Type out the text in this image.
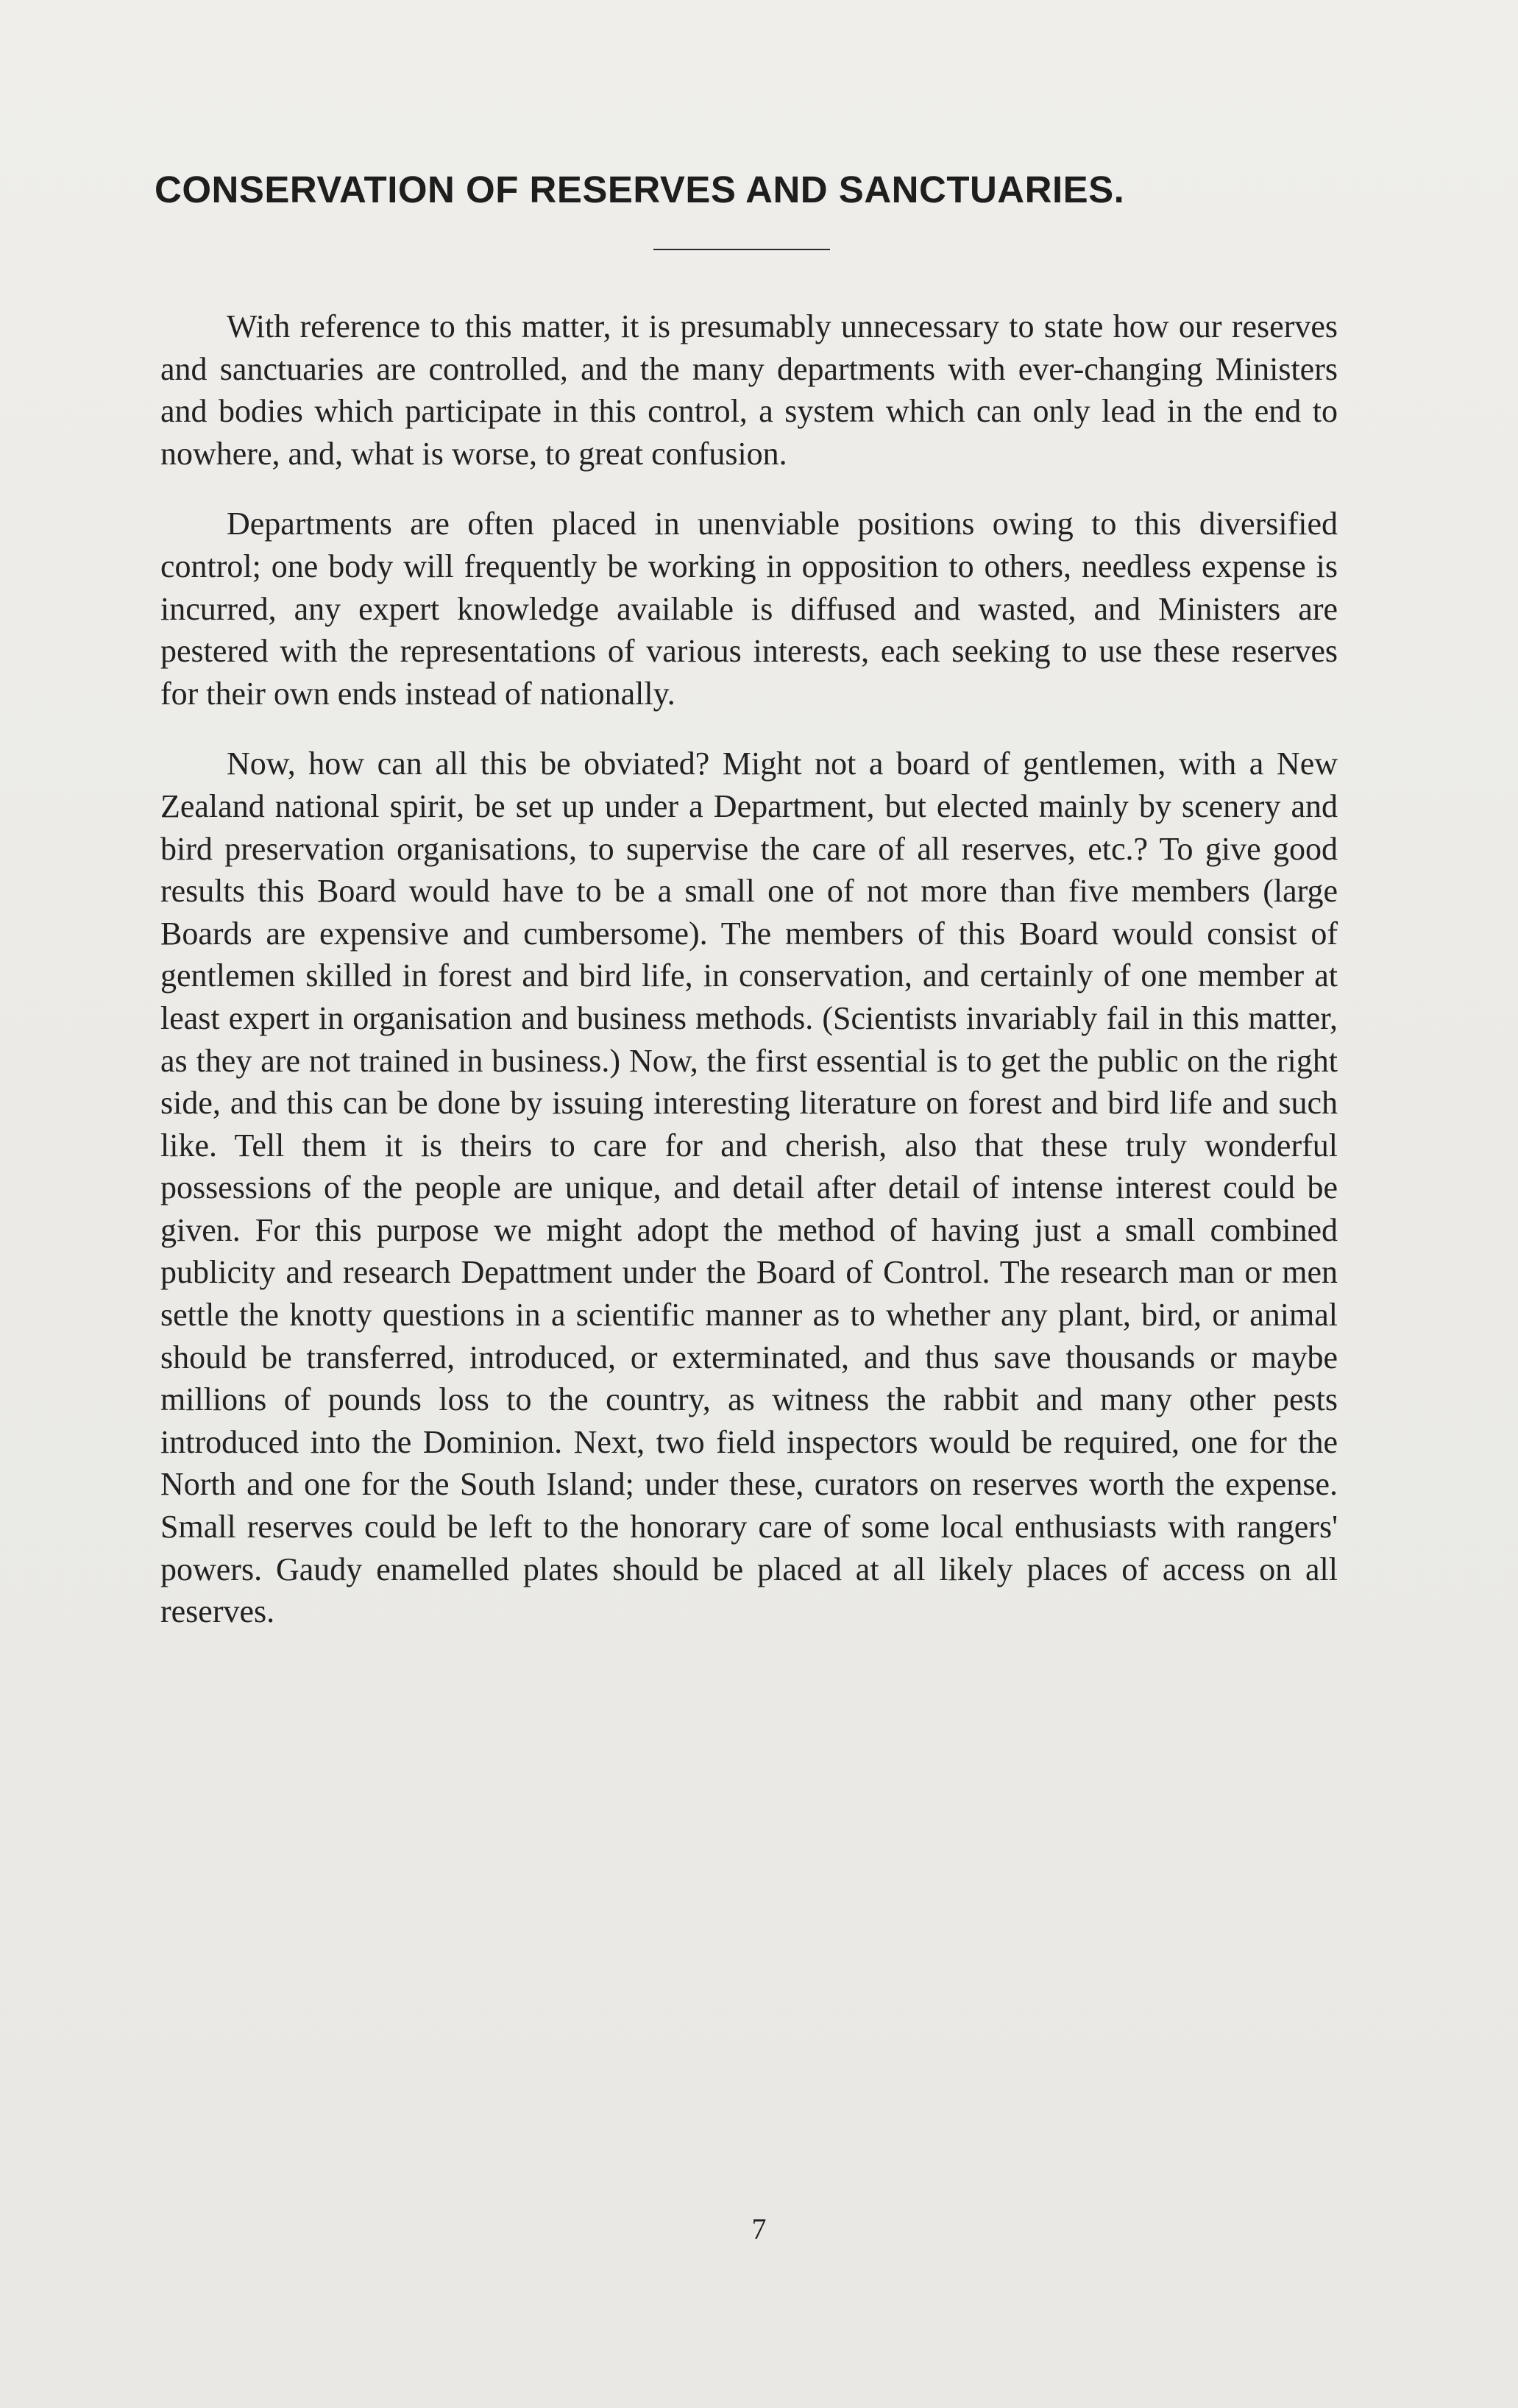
CONSERVATION OF RESERVES AND SANCTUARIES.

With reference to this matter, it is presumably unnecessary to state how our reserves and sanctuaries are controlled, and the many departments with ever-changing Ministers and bodies which participate in this control, a system which can only lead in the end to nowhere, and, what is worse, to great confusion.

Departments are often placed in unenviable positions owing to this diversified control; one body will frequently be working in opposition to others, needless expense is incurred, any expert knowledge available is diffused and wasted, and Ministers are pestered with the representations of various interests, each seeking to use these reserves for their own ends instead of nationally.

Now, how can all this be obviated? Might not a board of gentlemen, with a New Zealand national spirit, be set up under a Department, but elected mainly by scenery and bird preservation organisations, to supervise the care of all reserves, etc.? To give good results this Board would have to be a small one of not more than five members (large Boards are expensive and cumbersome). The members of this Board would consist of gentlemen skilled in forest and bird life, in conservation, and certainly of one member at least expert in organisation and business methods. (Scientists invariably fail in this matter, as they are not trained in business.) Now, the first essential is to get the public on the right side, and this can be done by issuing interesting literature on forest and bird life and such like. Tell them it is theirs to care for and cherish, also that these truly wonderful possessions of the people are unique, and detail after detail of intense interest could be given. For this purpose we might adopt the method of having just a small combined publicity and research Depattment under the Board of Control. The research man or men settle the knotty questions in a scientific manner as to whether any plant, bird, or animal should be transferred, introduced, or exterminated, and thus save thousands or maybe millions of pounds loss to the country, as witness the rabbit and many other pests introduced into the Dominion. Next, two field inspectors would be required, one for the North and one for the South Island; under these, curators on reserves worth the expense. Small reserves could be left to the honorary care of some local enthusiasts with rangers' powers. Gaudy enamelled plates should be placed at all likely places of access on all reserves.

7
